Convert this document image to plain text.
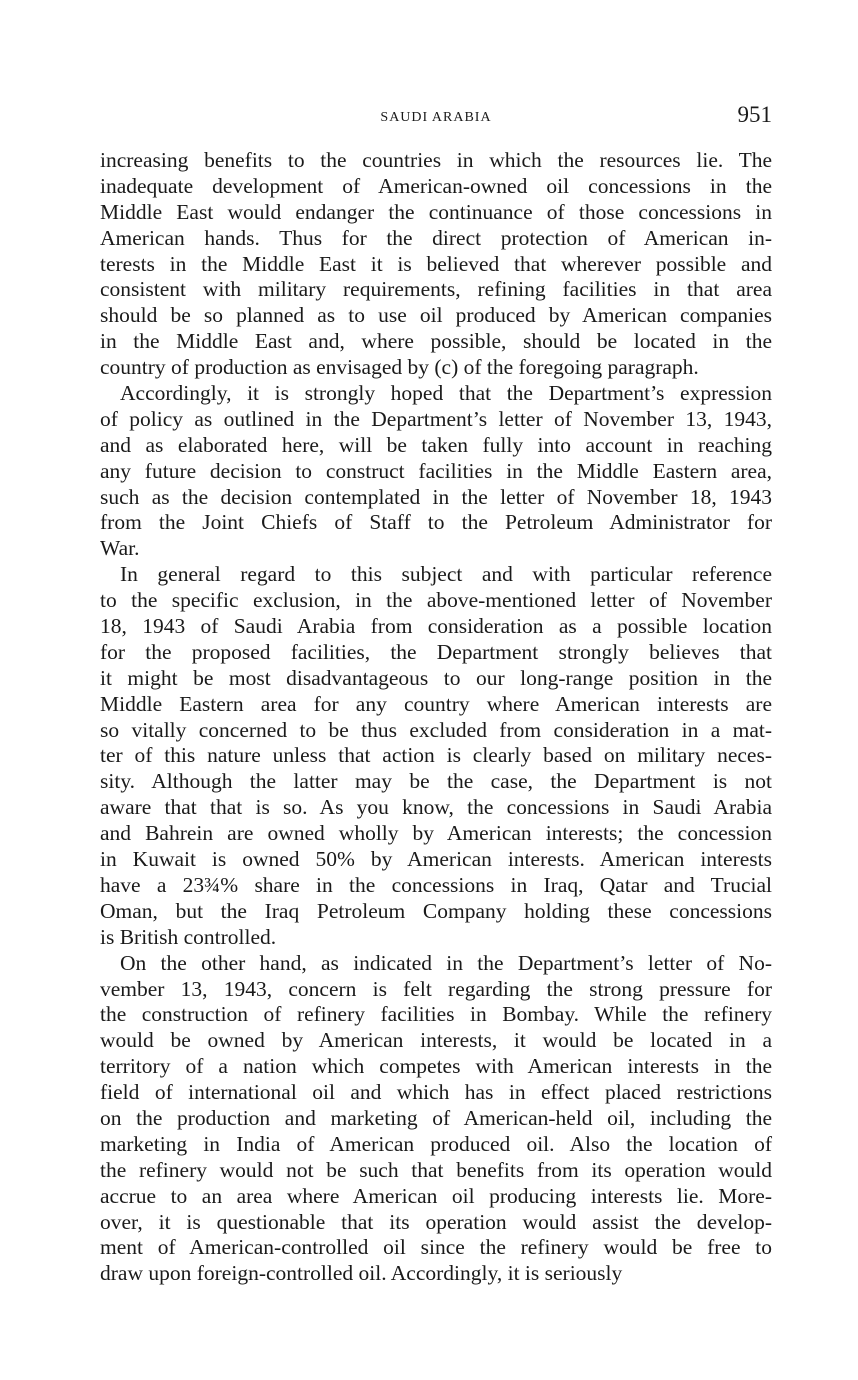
SAUDI ARABIA	951
increasing benefits to the countries in which the resources lie. The
inadequate development of American-owned oil concessions in the
Middle East would endanger the continuance of those concessions in
American hands. Thus for the direct protection of American in-
terests in the Middle East it is believed that wherever possible and
consistent with military requirements, refining facilities in that area
should be so planned as to use oil produced by American companies
in the Middle East and, where possible, should be located in the
country of production as envisaged by (c) of the foregoing paragraph.
Accordingly, it is strongly hoped that the Department’s expression
of policy as outlined in the Department’s letter of November 13, 1943,
and as elaborated here, will be taken fully into account in reaching
any future decision to construct facilities in the Middle Eastern area,
such as the decision contemplated in the letter of November 18, 1943
from the Joint Chiefs of Staff to the Petroleum Administrator for
War.
In general regard to this subject and with particular reference
to the specific exclusion, in the above-mentioned letter of November
18, 1943 of Saudi Arabia from consideration as a possible location
for the proposed facilities, the Department strongly believes that
it might be most disadvantageous to our long-range position in the
Middle Eastern area for any country where American interests are
so vitally concerned to be thus excluded from consideration in a mat-
ter of this nature unless that action is clearly based on military neces-
sity. Although the latter may be the case, the Department is not
aware that that is so. As you know, the concessions in Saudi Arabia
and Bahrein are owned wholly by American interests; the concession
in Kuwait is owned 50% by American interests. American interests
have a 23¾% share in the concessions in Iraq, Qatar and Trucial
Oman, but the Iraq Petroleum Company holding these concessions
is British controlled.
On the other hand, as indicated in the Department’s letter of No-
vember 13, 1943, concern is felt regarding the strong pressure for
the construction of refinery facilities in Bombay. While the refinery
would be owned by American interests, it would be located in a
territory of a nation which competes with American interests in the
field of international oil and which has in effect placed restrictions
on the production and marketing of American-held oil, including the
marketing in India of American produced oil. Also the location of
the refinery would not be such that benefits from its operation would
accrue to an area where American oil producing interests lie. More-
over, it is questionable that its operation would assist the develop-
ment of American-controlled oil since the refinery would be free to
draw upon foreign-controlled oil. Accordingly, it is seriously
